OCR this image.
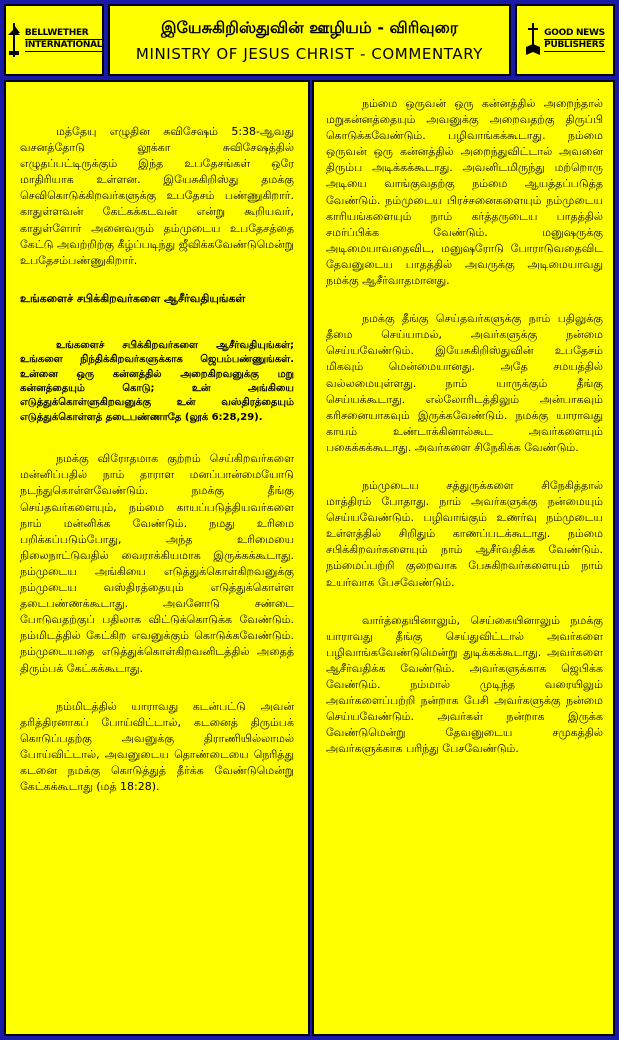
BELLWETHER
INTERNATIONAL
இயேசுகிறிஸ்துவின் ஊழியம் - விரிவுரை
MINISTRY OF JESUS CHRIST - COMMENTARY
GOOD NEWS
PUBLISHERS

மத்தேயு எழுதின சுவிசேஷம் 5:38-ஆவது வசனத்தோடு லூக்கா சுவிசேஷத்தில் எழுதப்பட்டிருக்கும் இந்த உபதேசங்கள் ஒரே மாதிரியாக உள்ளன. இயேசுகிறிஸ்து தமக்கு செவிகொடுக்கிறவர்களுக்கு உபதேசம் பண்ணுகிறார். காதுள்ளவன் கேட்கக்கடவன் என்று கூறியவர், காதுள்ளோர் அனைவரும் தம்முடைய உபதேசத்தை கேட்டு அவற்றிற்கு கீழ்ப்படிந்து ஜீவிக்கவேண்டுமென்று உபதேசம்பண்ணுகிறார்.

உங்களைச் சபிக்கிறவர்களை ஆசீர்வதியுங்கள்

உங்களைச் சபிக்கிறவர்களை ஆசீர்வதியுங்கள்; உங்களை நிந்திக்கிறவர்களுக்காக ஜெபம்பண்ணுங்கள். உன்னை ஒரு கன்னத்தில் அறைகிறவனுக்கு மறு கன்னத்தையும் கொடு; உன் அங்கியை எடுத்துக்கொள்ளுகிறவனுக்கு உன் வஸ்திரத்தையும் எடுத்துக்கொள்ளத் தடைபண்ணாதே (லூக் 6:28,29).

நமக்கு விரோதமாக குற்றம் செய்கிறவர்களை மன்னிப்பதில் நாம் தாராள மனப்பான்மையோடு நடந்துகொள்ளவேண்டும். நமக்கு தீங்கு செய்தவர்களையும், நம்மை காயப்படுத்தியவர்களை நாம் மன்னிக்க வேண்டும். நமது உரிமை பறிக்கப்படும்போது, அந்த உரிமையை நிலைநாட்டுவதில் வைராக்கியமாக இருக்கக்கூடாது. நம்முடைய அங்கியை எடுத்துக்கொள்கிறவனுக்கு நம்முடைய வஸ்திரத்தையும் எடுத்துக்கொள்ள தடைபண்ணக்கூடாது. அவனோடு சண்டை போடுவதற்குப் பதிலாக விட்டுக்கொடுக்க வேண்டும். நம்மிடத்தில் கேட்கிற எவனுக்கும் கொடுக்கவேண்டும். நம்முடையதை எடுத்துக்கொள்கிறவனிடத்தில் அதைத் திரும்பக் கேட்கக்கூடாது.

நம்மிடத்தில் யாராவது கடன்பட்டு அவன் தரித்திரனாகப் போய்விட்டால், கடனைத் திரும்பக் கொடுப்பதற்கு அவனுக்கு திராணியில்லாமல் போய்விட்டால், அவனுடைய தொண்டையை நெரித்து கடனை நமக்கு கொடுத்துத் தீர்க்க வேண்டுமென்று கேட்கக்கூடாது (மத் 18:28).

நம்மை ஒருவன் ஒரு கன்னத்தில் அறைந்தால் மறுகன்னத்தையும் அவனுக்கு அறைவதற்கு திருப்பி கொடுக்கவேண்டும். பழிவாங்கக்கூடாது. நம்மை ஒருவன் ஒரு கன்னத்தில் அறைந்துவிட்டால் அவனை திரும்ப அடிக்கக்கூடாது. அவனிடமிருந்து மற்றொரு அடியை வாங்குவதற்கு நம்மை ஆயத்தப்படுத்த வேண்டும். நம்முடைய பிரச்சனைகளையும் நம்முடைய காரியங்களையும் நாம் கர்த்தருடைய பாதத்தில் சமர்ப்பிக்க வேண்டும். மனுஷருக்கு அடிமையாவதைவிட, மனுஷரோடு போராடுவதைவிட தேவனுடைய பாதத்தில் அவருக்கு அடிமையாவது நமக்கு ஆசீர்வாதமானது.

நமக்கு தீங்கு செய்தவர்களுக்கு நாம் பதிலுக்கு தீமை செய்யாமல், அவர்களுக்கு நன்மை செய்யவேண்டும். இயேசுகிறிஸ்துவின் உபதேசம் மிகவும் மென்மையானது. அதே சமயத்தில் வல்லமையுள்ளது. நாம் யாருக்கும் தீங்கு செய்யக்கூடாது. எல்லோரிடத்திலும் அன்பாகவும் கரிசனையாகவும் இருக்கவேண்டும். நமக்கு யாராவது காயம் உண்டாக்கினால்கூட அவர்களையும் பகைக்கக்கூடாது. அவர்களை சிநேகிக்க வேண்டும்.

நம்முடைய சத்துருக்களை சிநேகித்தால் மாத்திரம் போதாது. நாம் அவர்களுக்கு நன்மையும் செய்யவேண்டும். பழிவாங்கும் உணர்வு நம்முடைய உள்ளத்தில் சிறிதும் காணப்படக்கூடாது. நம்மை சபிக்கிறவர்களையும் நாம் ஆசீர்வதிக்க வேண்டும். நம்மைப்பற்றி குறைவாக பேசுகிறவர்களையும் நாம் உயர்வாக பேசவேண்டும்.

வார்த்தையினாலும், செய்கையினாலும் நமக்கு யாராவது தீங்கு செய்துவிட்டால் அவர்களை பழிவாங்கவேண்டுமென்று துடிக்கக்கூடாது. அவர்களை ஆசீர்வதிக்க வேண்டும். அவர்களுக்காக ஜெபிக்க வேண்டும். நம்மால் முடிந்த வரையிலும் அவர்களைப்பற்றி நன்றாக பேசி அவர்களுக்கு நன்மை செய்யவேண்டும். அவர்கள் நன்றாக இருக்க வேண்டுமென்று தேவனுடைய சமுகத்தில் அவர்களுக்காக பரிந்து பேசவேண்டும்.
